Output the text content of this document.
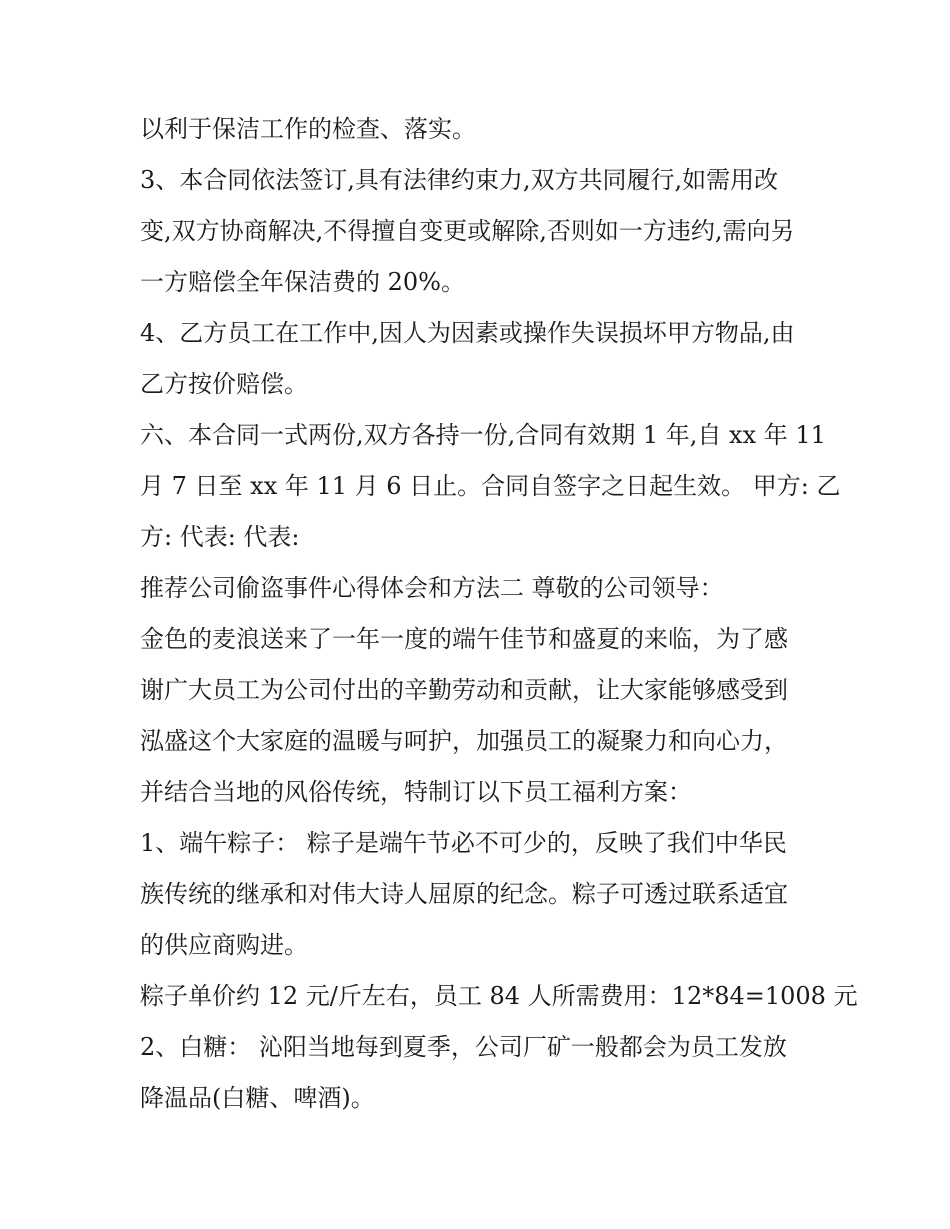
以利于保洁工作的检查、落实。
3、本合同依法签订,具有法律约束力,双方共同履行,如需用改
变,双方协商解决,不得擅自变更或解除,否则如一方违约,需向另
一方赔偿全年保洁费的 20%。
4、乙方员工在工作中,因人为因素或操作失误损坏甲方物品,由
乙方按价赔偿。
六、本合同一式两份,双方各持一份,合同有效期 1 年,自 xx 年 11
月 7 日至 xx 年 11 月 6 日止。合同自签字之日起生效。 甲方: 乙
方: 代表: 代表:
推荐公司偷盗事件心得体会和方法二 尊敬的公司领导：
金色的麦浪送来了一年一度的端午佳节和盛夏的来临，为了感
谢广大员工为公司付出的辛勤劳动和贡献，让大家能够感受到
泓盛这个大家庭的温暖与呵护，加强员工的凝聚力和向心力，
并结合当地的风俗传统，特制订以下员工福利方案：
1、端午粽子： 粽子是端午节必不可少的，反映了我们中华民
族传统的继承和对伟大诗人屈原的纪念。粽子可透过联系适宜
的供应商购进。
粽子单价约 12 元/斤左右，员工 84 人所需费用：12*84=1008 元
2、白糖： 沁阳当地每到夏季，公司厂矿一般都会为员工发放
降温品(白糖、啤酒)。
